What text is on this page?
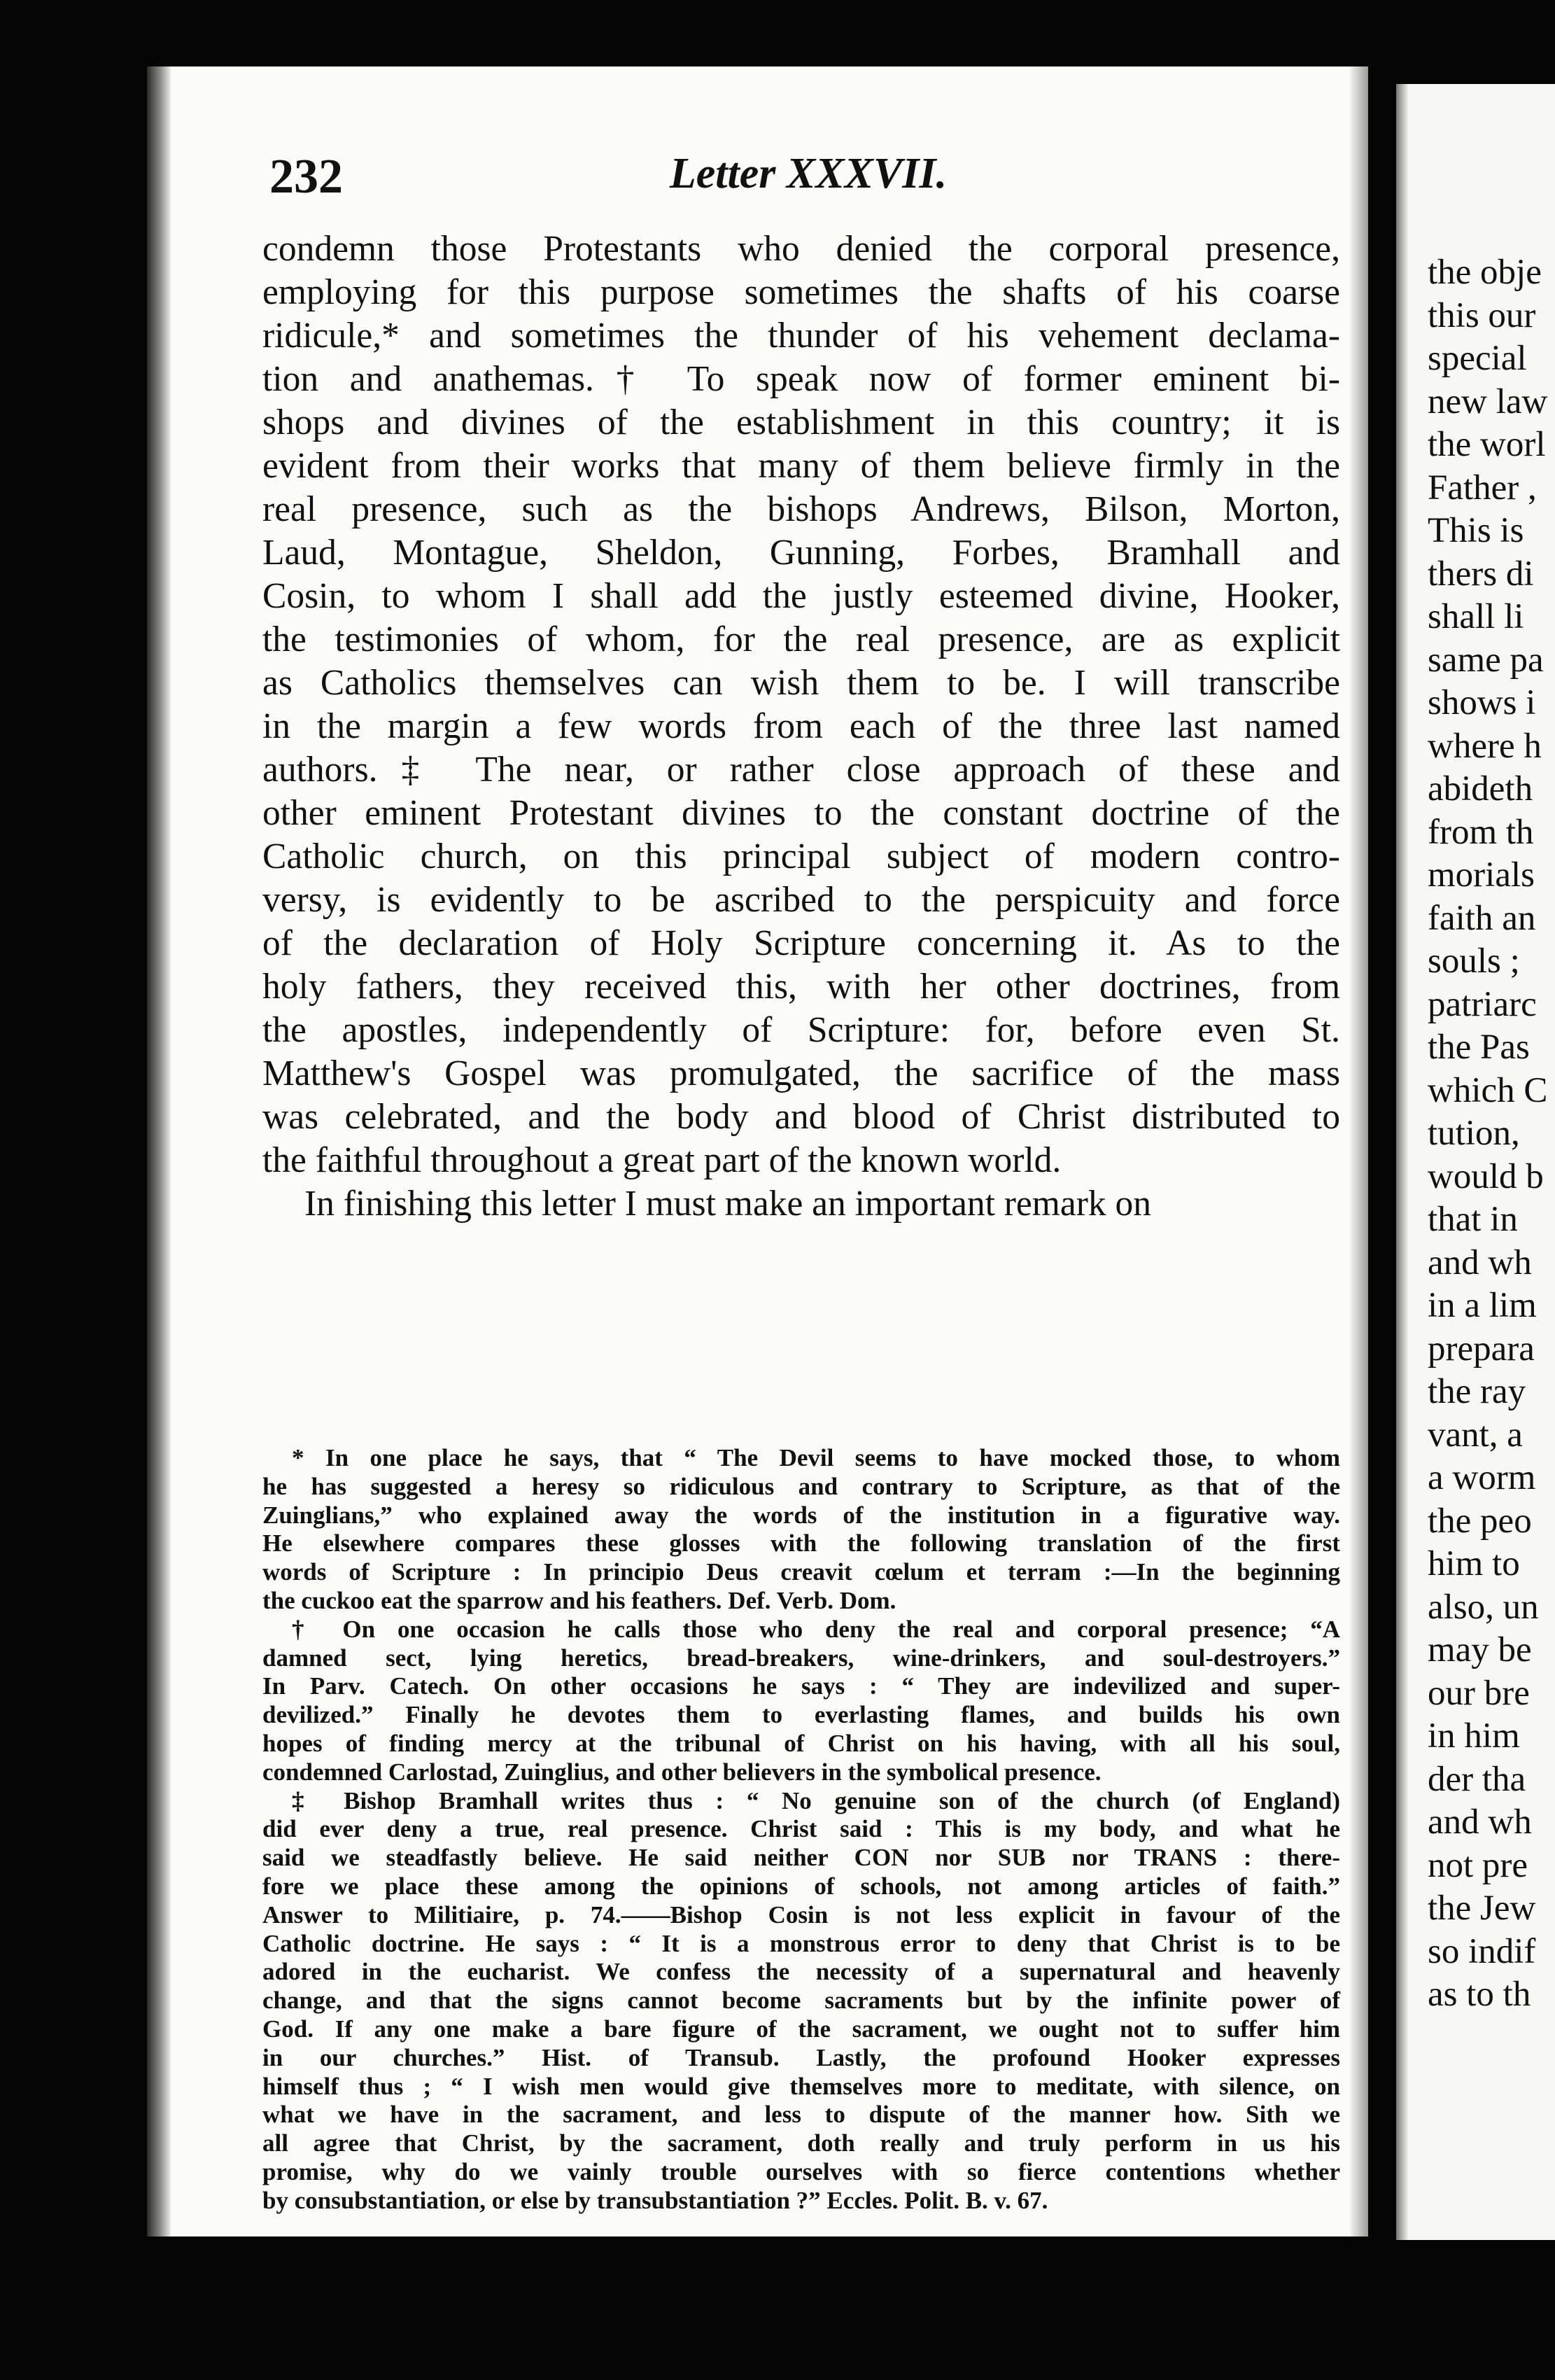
232	Letter XXXVII.
condemn those Protestants who denied the corporal presence,
employing for this purpose sometimes the shafts of his coarse
ridicule,* and sometimes the thunder of his vehement declama-
tion and anathemas.† To speak now of former eminent bi-
shops and divines of the establishment in this country; it is
evident from their works that many of them believe firmly in the
real presence, such as the bishops Andrews, Bilson, Morton,
Laud, Montague, Sheldon, Gunning, Forbes, Bramhall and
Cosin, to whom I shall add the justly esteemed divine, Hooker,
the testimonies of whom, for the real presence, are as explicit
as Catholics themselves can wish them to be. I will transcribe
in the margin a few words from each of the three last named
authors.‡ The near, or rather close approach of these and
other eminent Protestant divines to the constant doctrine of the
Catholic church, on this principal subject of modern contro-
versy, is evidently to be ascribed to the perspicuity and force
of the declaration of Holy Scripture concerning it. As to the
holy fathers, they received this, with her other doctrines, from
the apostles, independently of Scripture: for, before even St.
Matthew's Gospel was promulgated, the sacrifice of the mass
was celebrated, and the body and blood of Christ distributed to
the faithful throughout a great part of the known world.
In finishing this letter I must make an important remark on
* In one place he says, that “ The Devil seems to have mocked those, to whom
he has suggested a heresy so ridiculous and contrary to Scripture, as that of the
Zuinglians,” who explained away the words of the institution in a figurative way.
He elsewhere compares these glosses with the following translation of the first
words of Scripture : In principio Deus creavit cœlum et terram :—In the beginning
the cuckoo eat the sparrow and his feathers. Def. Verb. Dom.
† On one occasion he calls those who deny the real and corporal presence; “A
damned sect, lying heretics, bread-breakers, wine-drinkers, and soul-destroyers.”
In Parv. Catech. On other occasions he says : “ They are indevilized and super-
devilized.” Finally he devotes them to everlasting flames, and builds his own
hopes of finding mercy at the tribunal of Christ on his having, with all his soul,
condemned Carlostad, Zuinglius, and other believers in the symbolical presence.
‡ Bishop Bramhall writes thus : “ No genuine son of the church (of England)
did ever deny a true, real presence. Christ said : This is my body, and what he
said we steadfastly believe. He said neither CON nor SUB nor TRANS : there-
fore we place these among the opinions of schools, not among articles of faith.”
Answer to Militiaire, p. 74.——Bishop Cosin is not less explicit in favour of the
Catholic doctrine. He says : “ It is a monstrous error to deny that Christ is to be
adored in the eucharist. We confess the necessity of a supernatural and heavenly
change, and that the signs cannot become sacraments but by the infinite power of
God. If any one make a bare figure of the sacrament, we ought not to suffer him
in our churches.” Hist. of Transub. Lastly, the profound Hooker expresses
himself thus ; “ I wish men would give themselves more to meditate, with silence, on
what we have in the sacrament, and less to dispute of the manner how. Sith we
all agree that Christ, by the sacrament, doth really and truly perform in us his
promise, why do we vainly trouble ourselves with so fierce contentions whether
by consubstantiation, or else by transubstantiation ?” Eccles. Polit. B. v. 67.
the obje
this our
special
new law
the worl
Father ,
This is
thers di
shall li
same pa
shows i
where h
abideth
from th
morials
faith an
souls ;
patriarc
the Pas
which C
tution,
would b
that in
and wh
in a lim
prepara
the ray
vant, a
a worm
the peo
him to
also, un
may be
our bre
in him
der tha
and wh
not pre
the Jew
so indif
as to th
